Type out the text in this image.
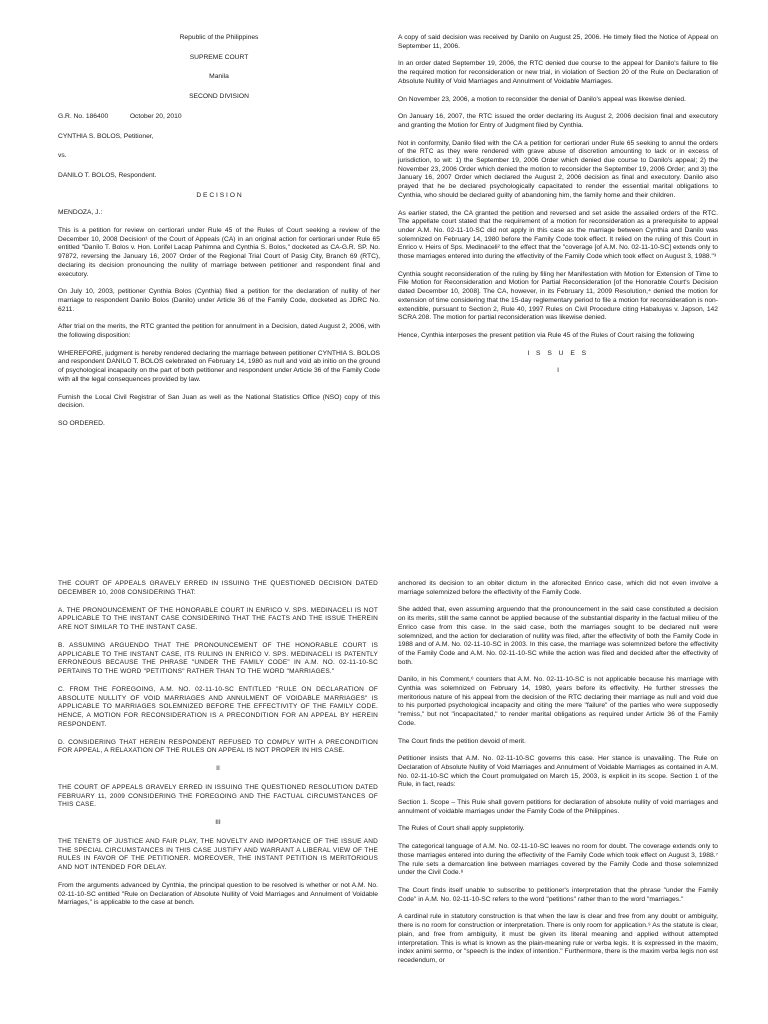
Republic of the Philippines

SUPREME COURT

Manila

SECOND DIVISION

G.R. No. 186400	October 20, 2010

CYNTHIA S. BOLOS, Petitioner,

vs.

DANILO T. BOLOS, Respondent.

D E C I S I O N

MENDOZA, J.:

This is a petition for review on certiorari under Rule 45 of the Rules of Court seeking a review of the December 10, 2008 Decision¹ of the Court of Appeals (CA) in an original action for certiorari under Rule 65 entitled "Danilo T. Bolos v. Hon. Lorifel Lacap Pahimna and Cynthia S. Bolos," docketed as CA-G.R. SP. No. 97872, reversing the January 16, 2007 Order of the Regional Trial Court of Pasig City, Branch 69 (RTC), declaring its decision pronouncing the nullity of marriage between petitioner and respondent final and executory.

On July 10, 2003, petitioner Cynthia Bolos (Cynthia) filed a petition for the declaration of nullity of her marriage to respondent Danilo Bolos (Danilo) under Article 36 of the Family Code, docketed as JDRC No. 6211.

After trial on the merits, the RTC granted the petition for annulment in a Decision, dated August 2, 2006, with the following disposition:

WHEREFORE, judgment is hereby rendered declaring the marriage between petitioner CYNTHIA S. BOLOS and respondent DANILO T. BOLOS celebrated on February 14, 1980 as null and void ab initio on the ground of psychological incapacity on the part of both petitioner and respondent under Article 36 of the Family Code with all the legal consequences provided by law.

Furnish the Local Civil Registrar of San Juan as well as the National Statistics Office (NSO) copy of this decision.

SO ORDERED.

A copy of said decision was received by Danilo on August 25, 2006. He timely filed the Notice of Appeal on September 11, 2006.

In an order dated September 19, 2006, the RTC denied due course to the appeal for Danilo's failure to file the required motion for reconsideration or new trial, in violation of Section 20 of the Rule on Declaration of Absolute Nullity of Void Marriages and Annulment of Voidable Marriages.

On November 23, 2006, a motion to reconsider the denial of Danilo's appeal was likewise denied.

On January 16, 2007, the RTC issued the order declaring its August 2, 2006 decision final and executory and granting the Motion for Entry of Judgment filed by Cynthia.

Not in conformity, Danilo filed with the CA a petition for certiorari under Rule 65 seeking to annul the orders of the RTC as they were rendered with grave abuse of discretion amounting to lack or in excess of jurisdiction, to wit: 1) the September 19, 2006 Order which denied due course to Danilo's appeal; 2) the November 23, 2006 Order which denied the motion to reconsider the September 19, 2006 Order; and 3) the January 16, 2007 Order which declared the August 2, 2006 decision as final and executory. Danilo also prayed that he be declared psychologically capacitated to render the essential marital obligations to Cynthia, who should be declared guilty of abandoning him, the family home and their children.

As earlier stated, the CA granted the petition and reversed and set aside the assailed orders of the RTC. The appellate court stated that the requirement of a motion for reconsideration as a prerequisite to appeal under A.M. No. 02-11-10-SC did not apply in this case as the marriage between Cynthia and Danilo was solemnized on February 14, 1980 before the Family Code took effect. It relied on the ruling of this Court in Enrico v. Heirs of Sps. Medinaceli² to the effect that the "coverage [of A.M. No. 02-11-10-SC] extends only to those marriages entered into during the effectivity of the Family Code which took effect on August 3, 1988."³

Cynthia sought reconsideration of the ruling by filing her Manifestation with Motion for Extension of Time to File Motion for Reconsideration and Motion for Partial Reconsideration [of the Honorable Court's Decision dated December 10, 2008]. The CA, however, in its February 11, 2009 Resolution,⁴ denied the motion for extension of time considering that the 15-day reglementary period to file a motion for reconsideration is non-extendible, pursuant to Section 2, Rule 40, 1997 Rules on Civil Procedure citing Habaluyas v. Japson, 142 SCRA 208. The motion for partial reconsideration was likewise denied.

Hence, Cynthia interposes the present petition via Rule 45 of the Rules of Court raising the following

I S S U E S

I

THE COURT OF APPEALS GRAVELY ERRED IN ISSUING THE QUESTIONED DECISION DATED DECEMBER 10, 2008 CONSIDERING THAT:

A. THE PRONOUNCEMENT OF THE HONORABLE COURT IN ENRICO V. SPS. MEDINACELI IS NOT APPLICABLE TO THE INSTANT CASE CONSIDERING THAT THE FACTS AND THE ISSUE THEREIN ARE NOT SIMILAR TO THE INSTANT CASE.

B. ASSUMING ARGUENDO THAT THE PRONOUNCEMENT OF THE HONORABLE COURT IS APPLICABLE TO THE INSTANT CASE, ITS RULING IN ENRICO V. SPS. MEDINACELI IS PATENTLY ERRONEOUS BECAUSE THE PHRASE "UNDER THE FAMILY CODE" IN A.M. NO. 02-11-10-SC PERTAINS TO THE WORD "PETITIONS" RATHER THAN TO THE WORD "MARRIAGES."

C. FROM THE FOREGOING, A.M. NO. 02-11-10-SC ENTITLED "RULE ON DECLARATION OF ABSOLUTE NULLITY OF VOID MARRIAGES AND ANNULMENT OF VOIDABLE MARRIAGES" IS APPLICABLE TO MARRIAGES SOLEMNIZED BEFORE THE EFFECTIVITY OF THE FAMILY CODE. HENCE, A MOTION FOR RECONSIDERATION IS A PRECONDITION FOR AN APPEAL BY HEREIN RESPONDENT.

D. CONSIDERING THAT HEREIN RESPONDENT REFUSED TO COMPLY WITH A PRECONDITION FOR APPEAL, A RELAXATION OF THE RULES ON APPEAL IS NOT PROPER IN HIS CASE.

II

THE COURT OF APPEALS GRAVELY ERRED IN ISSUING THE QUESTIONED RESOLUTION DATED FEBRUARY 11, 2009 CONSIDERING THE FOREGOING AND THE FACTUAL CIRCUMSTANCES OF THIS CASE.

III

THE TENETS OF JUSTICE AND FAIR PLAY, THE NOVELTY AND IMPORTANCE OF THE ISSUE AND THE SPECIAL CIRCUMSTANCES IN THIS CASE JUSTIFY AND WARRANT A LIBERAL VIEW OF THE RULES IN FAVOR OF THE PETITIONER. MOREOVER, THE INSTANT PETITION IS MERITORIOUS AND NOT INTENDED FOR DELAY.

From the arguments advanced by Cynthia, the principal question to be resolved is whether or not A.M. No. 02-11-10-SC entitled "Rule on Declaration of Absolute Nullity of Void Marriages and Annulment of Voidable Marriages," is applicable to the case at bench.

anchored its decision to an obiter dictum in the aforecited Enrico case, which did not even involve a marriage solemnized before the effectivity of the Family Code.

She added that, even assuming arguendo that the pronouncement in the said case constituted a decision on its merits, still the same cannot be applied because of the substantial disparity in the factual milieu of the Enrico case from this case. In the said case, both the marriages sought to be declared null were solemnized, and the action for declaration of nullity was filed, after the effectivity of both the Family Code in 1988 and of A.M. No. 02-11-10-SC in 2003. In this case, the marriage was solemnized before the effectivity of the Family Code and A.M. No. 02-11-10-SC while the action was filed and decided after the effectivity of both.

Danilo, in his Comment,⁶ counters that A.M. No. 02-11-10-SC is not applicable because his marriage with Cynthia was solemnized on February 14, 1980, years before its effectivity. He further stresses the meritorious nature of his appeal from the decision of the RTC declaring their marriage as null and void due to his purported psychological incapacity and citing the mere "failure" of the parties who were supposedly "remiss," but not "incapacitated," to render marital obligations as required under Article 36 of the Family Code.

The Court finds the petition devoid of merit.

Petitioner insists that A.M. No. 02-11-10-SC governs this case. Her stance is unavailing. The Rule on Declaration of Absolute Nullity of Void Marriages and Annulment of Voidable Marriages as contained in A.M. No. 02-11-10-SC which the Court promulgated on March 15, 2003, is explicit in its scope. Section 1 of the Rule, in fact, reads:

Section 1. Scope – This Rule shall govern petitions for declaration of absolute nullity of void marriages and annulment of voidable marriages under the Family Code of the Philippines.

The Rules of Court shall apply suppletorily.

The categorical language of A.M. No. 02-11-10-SC leaves no room for doubt. The coverage extends only to those marriages entered into during the effectivity of the Family Code which took effect on August 3, 1988.⁷ The rule sets a demarcation line between marriages covered by the Family Code and those solemnized under the Civil Code.⁸

The Court finds itself unable to subscribe to petitioner's interpretation that the phrase "under the Family Code" in A.M. No. 02-11-10-SC refers to the word "petitions" rather than to the word "marriages."

A cardinal rule in statutory construction is that when the law is clear and free from any doubt or ambiguity, there is no room for construction or interpretation. There is only room for application.⁹ As the statute is clear, plain, and free from ambiguity, it must be given its literal meaning and applied without attempted interpretation. This is what is known as the plain-meaning rule or verba legis. It is expressed in the maxim, index animi sermo, or "speech is the index of intention." Furthermore, there is the maxim verba legis non est recedendum, or
